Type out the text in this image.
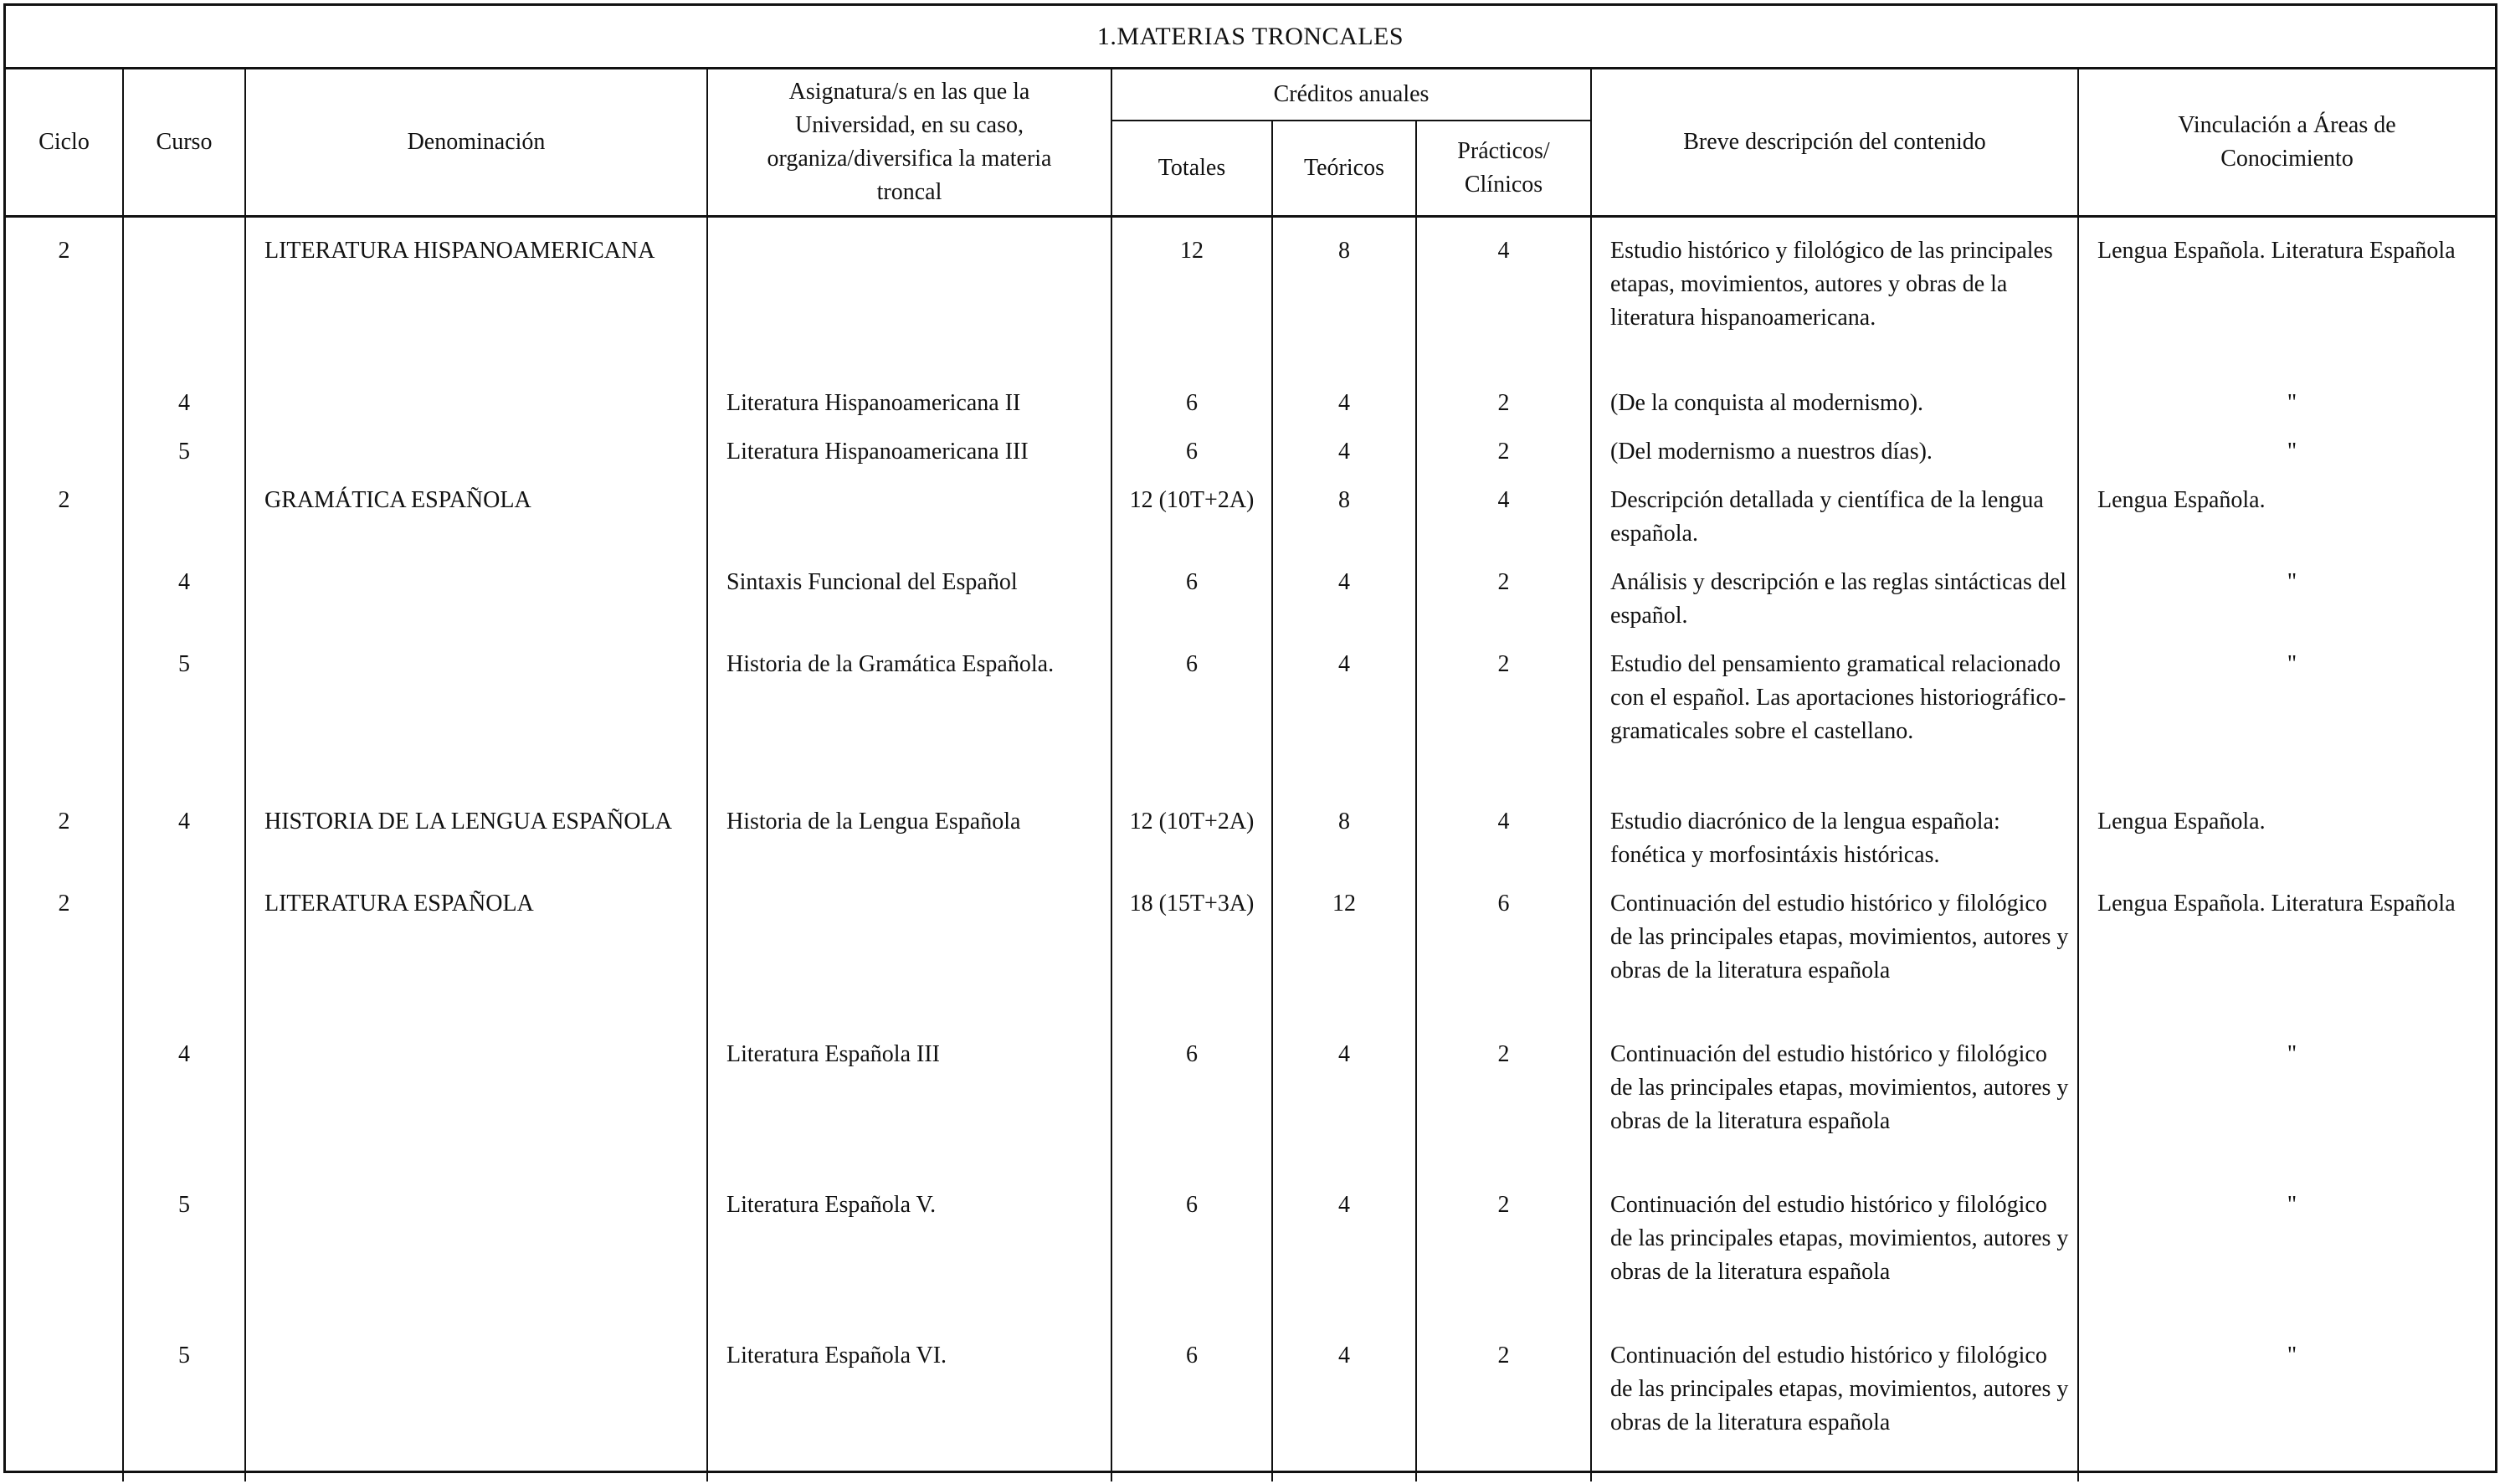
1.MATERIAS TRONCALES
Ciclo	Curso	Denominación	Asignatura/s en las que la Universidad, en su caso, organiza/diversifica la materia troncal	Créditos anuales			Breve descripción del contenido	Vinculación a Áreas de Conocimiento
				Totales	Teóricos	Prácticos/ Clínicos		

2		LITERATURA HISPANOAMERICANA		12	8	4	Estudio histórico y filológico de las principales etapas, movimientos, autores y obras de la literatura hispanoamericana.	Lengua Española. Literatura Española
	4		Literatura Hispanoamericana II	6	4	2	(De la conquista al modernismo).	"
	5		Literatura Hispanoamericana III	6	4	2	(Del modernismo a nuestros días).	"
2		GRAMÁTICA ESPAÑOLA		12 (10T+2A)	8	4	Descripción detallada y científica de la lengua española.	Lengua Española.
	4		Sintaxis Funcional del Español	6	4	2	Análisis y descripción e las reglas sintácticas del español.	"
	5		Historia de la Gramática Española.	6	4	2	Estudio del pensamiento gramatical relacionado con el español. Las aportaciones historiográfico-gramaticales sobre el castellano.	"
2	4	HISTORIA DE LA LENGUA ESPAÑOLA	Historia de la Lengua Española	12 (10T+2A)	8	4	Estudio diacrónico de la lengua española: fonética y morfosintáxis históricas.	Lengua Española.
2		LITERATURA ESPAÑOLA		18 (15T+3A)	12	6	Continuación del estudio histórico y filológico de las principales etapas, movimientos, autores y obras de la literatura española	Lengua Española. Literatura Española
	4		Literatura Española III	6	4	2	Continuación del estudio histórico y filológico de las principales etapas, movimientos, autores y obras de la literatura española	"
	5		Literatura Española V.	6	4	2	Continuación del estudio histórico y filológico de las principales etapas, movimientos, autores y obras de la literatura española	"
	5		Literatura Española VI.	6	4	2	Continuación del estudio histórico y filológico de las principales etapas, movimientos, autores y obras de la literatura española	"
